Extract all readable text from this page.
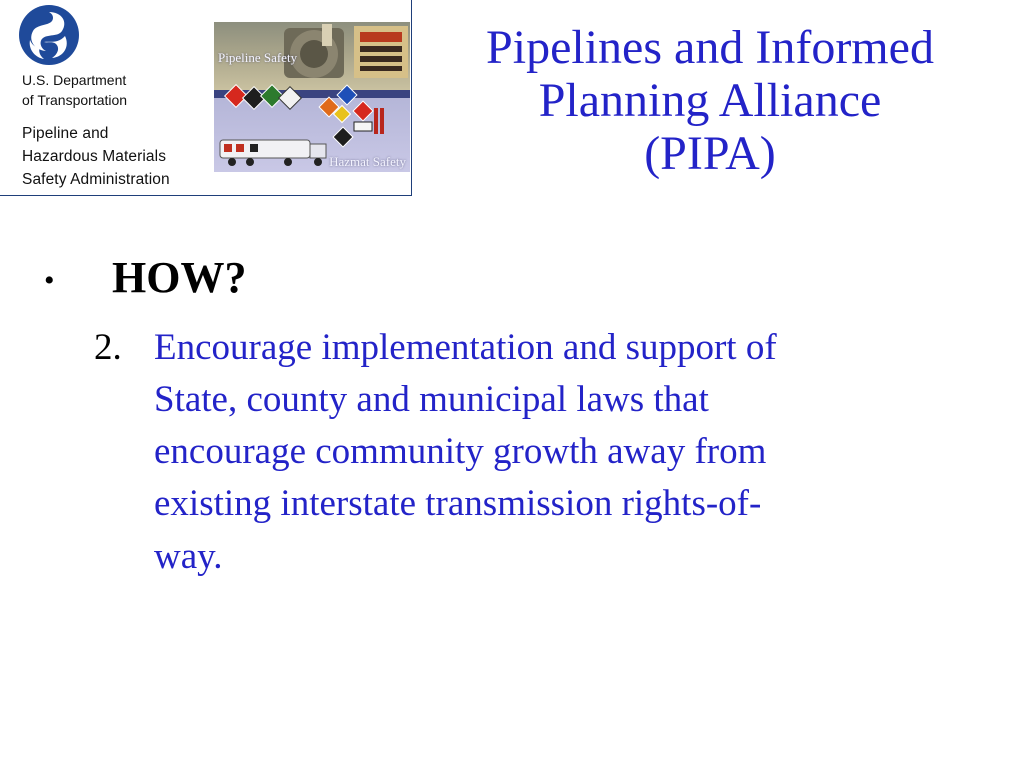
U.S. Department
of Transportation
Pipeline and
Hazardous Materials
Safety Administration
Pipeline Safety
Hazmat Safety
Pipelines and Informed
Planning Alliance
(PIPA)
• HOW?
2. Encourage implementation and support of
State, county and municipal laws that
encourage community growth away from
existing interstate transmission rights-of-
way.
